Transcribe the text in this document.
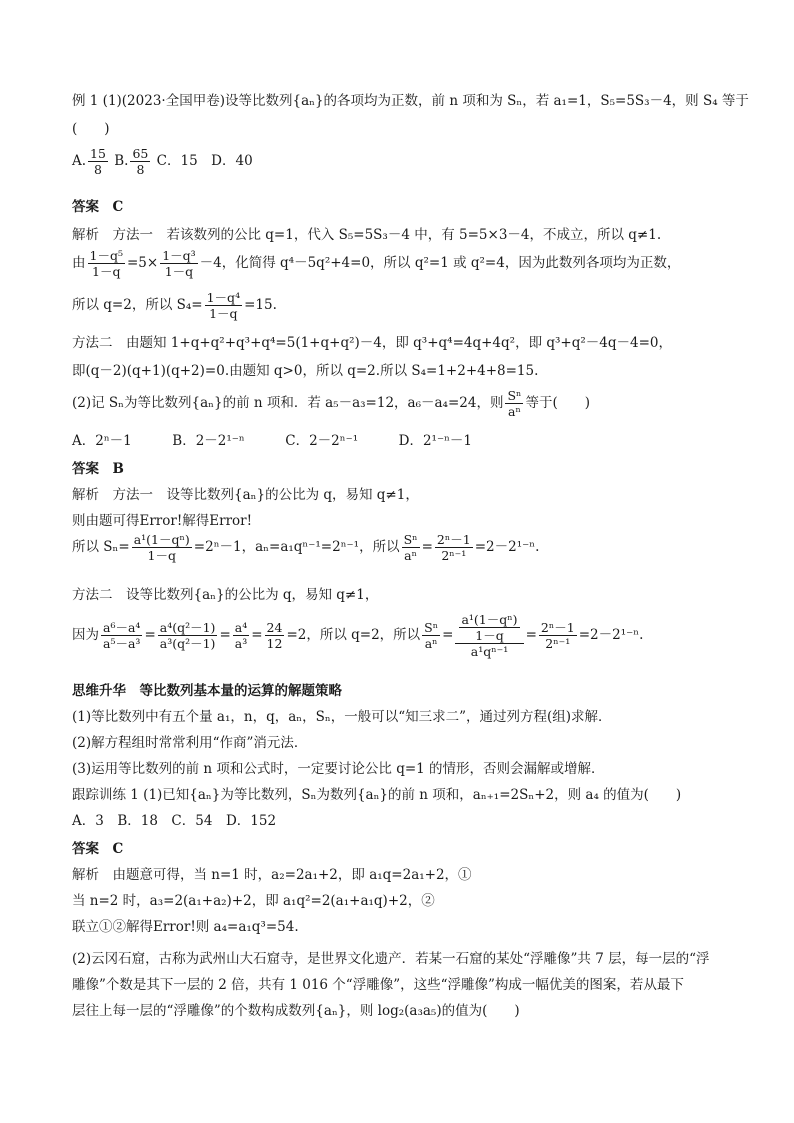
例 1 (1)(2023·全国甲卷)设等比数列{aₙ}的各项均为正数，前 n 项和为 Sₙ，若 a₁=1，S₅=5S₃－4，则 S₄ 等于
(　　)
A. $\frac{15}{8} B$. $\frac{65}{8}$ C．15　D．40
答案　C
解析　方法一　若该数列的公比 q=1，代入 S₅=5S₃－4 中，有 5=5×3－4，不成立，所以 q≠1.
由 $\frac{\text{1－q⁵}}{1-q} =5\times \frac{\text{1－q³}}{1-q} -4$，化简得 q⁴－5q²+4=0，所以 q²=1 或 q²=4，因为此数列各项均为正数，
所以 q=2，所以 $S_4= \frac{\text{1－q⁴}}{1-q} =15$.
方法二　由题知 1+q+q²+q³+q⁴=5(1+q+q²)－4，即 q³+q⁴=4q+4q²，即 q³+q²－4q－4=0，
即(q－2)(q+1)(q+2)=0.由题知 q>0，所以 q=2.所以 S₄=1+2+4+8=15.
(2)记 Sₙ为等比数列{aₙ}的前 n 项和．若 a₅－a₃=12，a₆－a₄=24，则 $\frac{\text{Sⁿ}}{\text{aⁿ}}$ 等于(　　)
A．2ⁿ－1　　　B．2－2¹⁻ⁿ　　　C．2－2ⁿ⁻¹　　　D．2¹⁻ⁿ－1
答案　B
解析　方法一　设等比数列{aₙ}的公比为 q，易知 q≠1，
则由题可得Error!解得Error!
所以 $S_n= \frac{\text{a¹(1－qⁿ)}}{1-q} =2^n-1$，aₙ=a₁qⁿ⁻¹=2ⁿ⁻¹，所以 $\frac{\text{Sⁿ}}{\text{aⁿ}} = \frac{\text{2ⁿ－1}}{\text{2ⁿ⁻¹}} =2-2^{1-n}$.
方法二　设等比数列{aₙ}的公比为 q，易知 q≠1，
因为 $\frac{\text{a⁶－a⁴}}{\text{a⁵－a³}} = \frac{\text{a⁴(q²－1)}}{\text{a³(q²－1)}} = \frac{\text{a⁴}}{\text{a³}} = \frac{24}{12} =2$，所以 q=2，所以 $\frac{\text{Sⁿ}}{\text{aⁿ}} = \frac{\frac{\text{a¹(1－qⁿ)}}{1-q}}{\text{a¹qⁿ⁻¹}} = \frac{\text{2ⁿ－1}}{\text{2ⁿ⁻¹}} =2-2^{1-n}$.
思维升华　等比数列基本量的运算的解题策略
(1)等比数列中有五个量 a₁，n，q，aₙ，Sₙ，一般可以“知三求二”，通过列方程(组)求解．
(2)解方程组时常常利用“作商”消元法．
(3)运用等比数列的前 n 项和公式时，一定要讨论公比 q=1 的情形，否则会漏解或增解．
跟踪训练 1 (1)已知{aₙ}为等比数列，Sₙ为数列{aₙ}的前 n 项和，aₙ₊₁=2Sₙ+2，则 a₄ 的值为(　　)
A．3　B．18　C．54　D．152
答案　C
解析　由题意可得，当 n=1 时，a₂=2a₁+2，即 a₁q=2a₁+2，①
当 n=2 时，a₃=2(a₁+a₂)+2，即 a₁q²=2(a₁+a₁q)+2，②
联立①②解得Error!则 a₄=a₁q³=54.
(2)云冈石窟，古称为武州山大石窟寺，是世界文化遗产．若某一石窟的某处“浮雕像”共 7 层，每一层的“浮
雕像”个数是其下一层的 2 倍，共有 1 016 个“浮雕像”，这些“浮雕像”构成一幅优美的图案，若从最下
层往上每一层的“浮雕像”的个数构成数列{aₙ}，则 log₂(a₃a₅)的值为(　　)
